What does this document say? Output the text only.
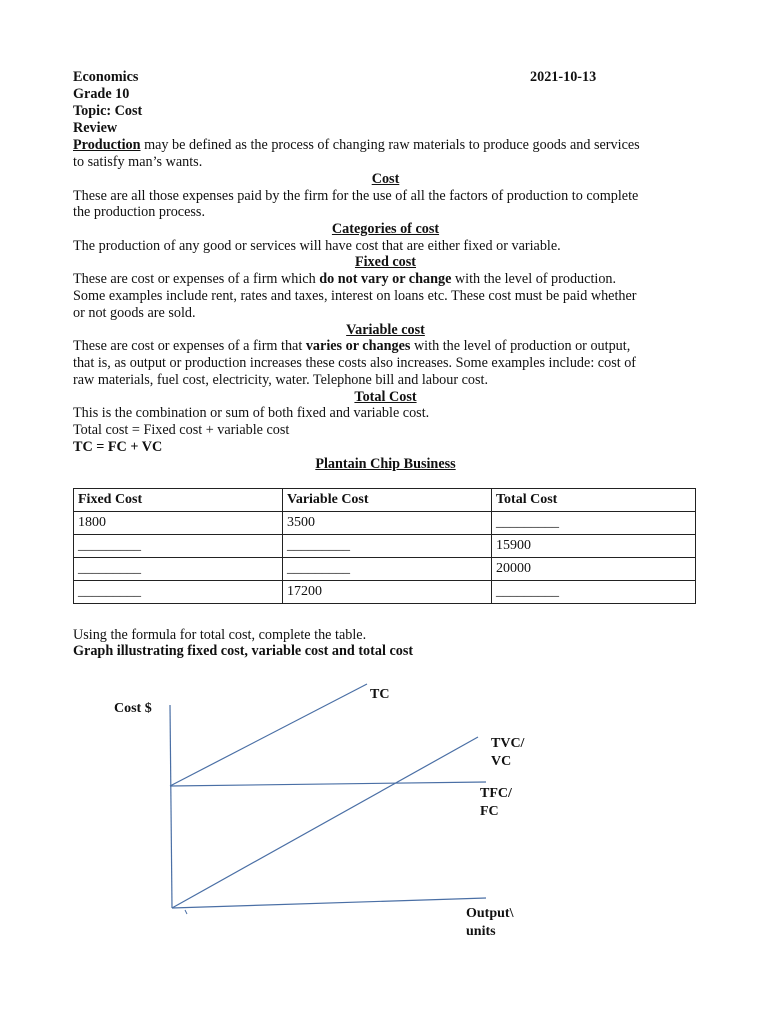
Economics	2021-10-13
Grade 10
Topic: Cost
Review
Production may be defined as the process of changing raw materials to produce goods and services
to satisfy man’s wants.
Cost
These are all those expenses paid by the firm for the use of all the factors of production to complete
the production process.
Categories of cost
The production of any good or services will have cost that are either fixed or variable.
Fixed cost
These are cost or expenses of a firm which do not vary or change with the level of production.
Some examples include rent, rates and taxes, interest on loans etc. These cost must be paid whether
or not goods are sold.
Variable cost
These are cost or expenses of a firm that varies or changes with the level of production or output,
that is, as output or production increases these costs also increases. Some examples include: cost of
raw materials, fuel cost, electricity, water. Telephone bill and labour cost.
Total Cost
This is the combination or sum of both fixed and variable cost.
Total cost = Fixed cost + variable cost
TC = FC + VC
Plantain Chip Business
Fixed Cost	Variable Cost	Total Cost
1800	3500	_________
_________	_________	15900
_________	_________	20000
_________	17200	_________
Using the formula for total cost, complete the table.
Graph illustrating fixed cost, variable cost and total cost
Cost $
TC
TVC/
VC
TFC/
FC
Output\
units
